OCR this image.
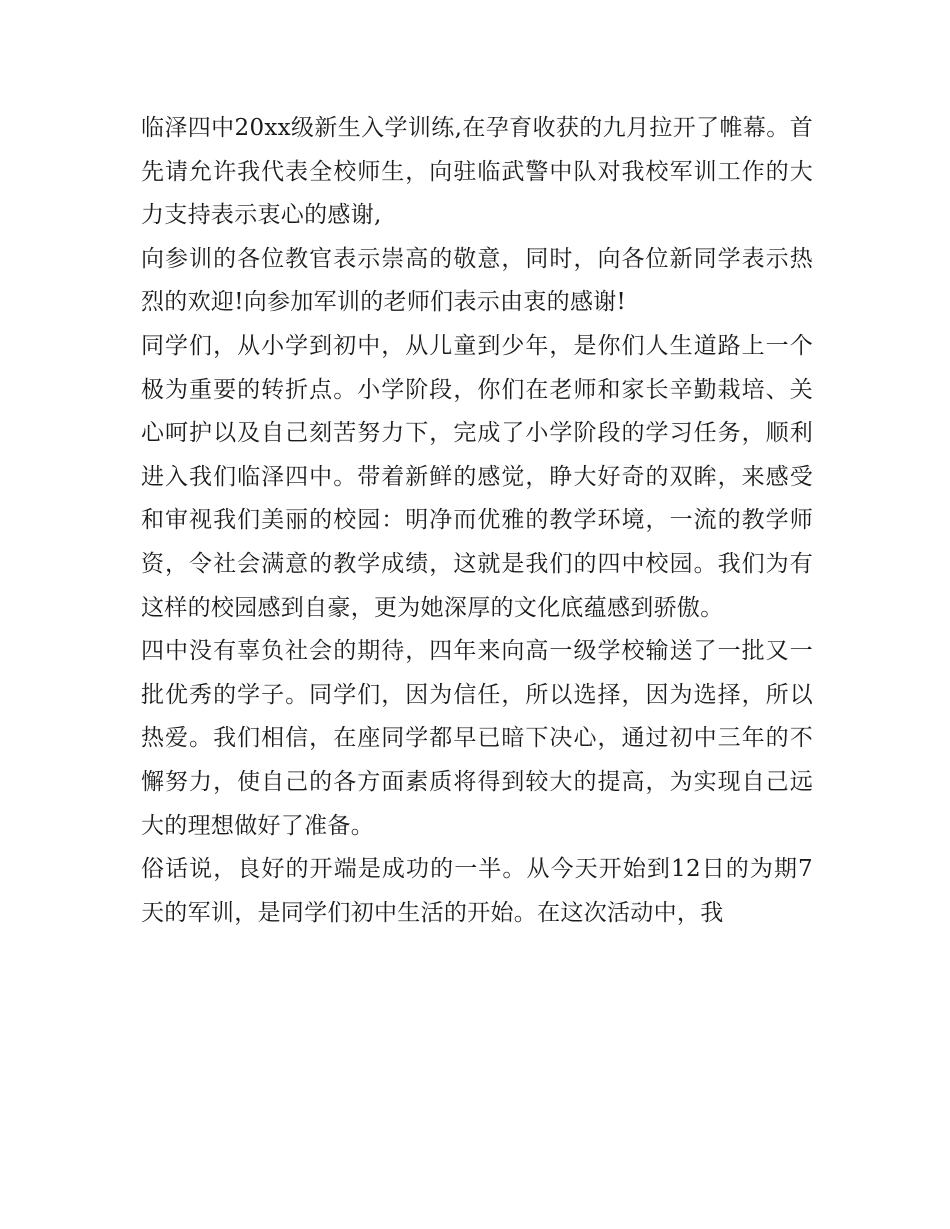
临泽四中20xx级新生入学训练,在孕育收获的九月拉开了帷幕。首先请允许我代表全校师生，向驻临武警中队对我校军训工作的大力支持表示衷心的感谢,

向参训的各位教官表示崇高的敬意，同时，向各位新同学表示热烈的欢迎!向参加军训的老师们表示由衷的感谢!

同学们，从小学到初中，从儿童到少年，是你们人生道路上一个极为重要的转折点。小学阶段，你们在老师和家长辛勤栽培、关心呵护以及自己刻苦努力下，完成了小学阶段的学习任务，顺利进入我们临泽四中。带着新鲜的感觉，睁大好奇的双眸，来感受和审视我们美丽的校园：明净而优雅的教学环境，一流的教学师资，令社会满意的教学成绩，这就是我们的四中校园。我们为有这样的校园感到自豪，更为她深厚的文化底蕴感到骄傲。

四中没有辜负社会的期待，四年来向高一级学校输送了一批又一批优秀的学子。同学们，因为信任，所以选择，因为选择，所以热爱。我们相信，在座同学都早已暗下决心，通过初中三年的不懈努力，使自己的各方面素质将得到较大的提高，为实现自己远大的理想做好了准备。

俗话说，良好的开端是成功的一半。从今天开始到12日的为期7天的军训，是同学们初中生活的开始。在这次活动中，我
